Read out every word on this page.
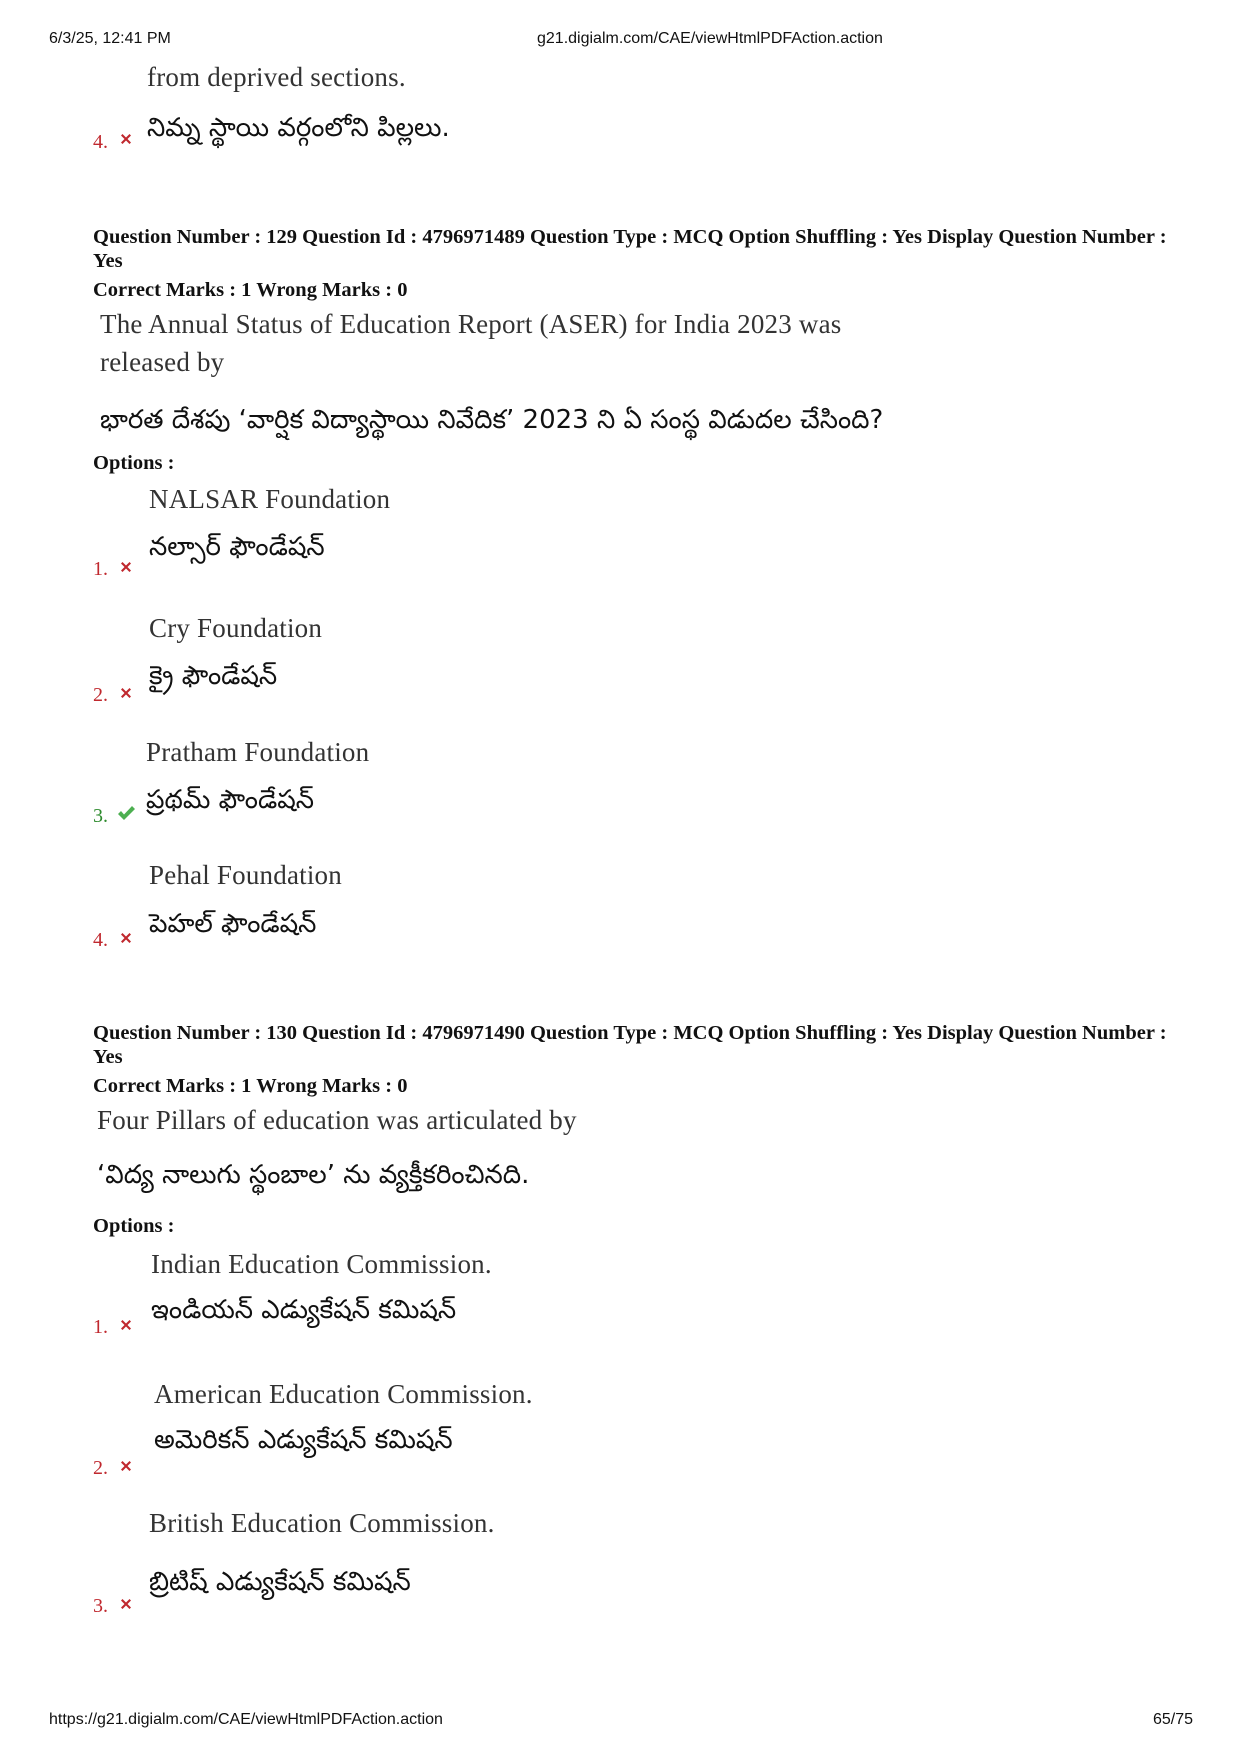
6/3/25, 12:41 PM	g21.digialm.com/CAE/viewHtmlPDFAction.action
https://g21.digialm.com/CAE/viewHtmlPDFAction.action	65/75
from deprived sections.
4. నిమ్న స్థాయి వర్గంలోని పిల్లలు.
Question Number : 129 Question Id : 4796971489 Question Type : MCQ Option Shuffling : Yes Display Question Number : Yes
Correct Marks : 1 Wrong Marks : 0
The Annual Status of Education Report (ASER) for India 2023 was
released by
భారత దేశపు ‘వార్షిక విద్యాస్థాయి నివేదిక’ 2023 ని ఏ సంస్థ విడుదల చేసింది?
Options :
NALSAR Foundation
1.
నల్సార్ ఫౌండేషన్
Cry Foundation
2.
క్రై ఫౌండేషన్
Pratham Foundation
3.
ప్రథమ్ ఫౌండేషన్
Pehal Foundation
4.
పెహల్ ఫౌండేషన్
Question Number : 130 Question Id : 4796971490 Question Type : MCQ Option Shuffling : Yes Display Question Number : Yes
Correct Marks : 1 Wrong Marks : 0
Four Pillars of education was articulated by
‘విద్య నాలుగు స్థంబాల’ ను వ్యక్తీకరించినది.
Options :
Indian Education Commission.
1.
ఇండియన్ ఎడ్యుకేషన్ కమిషన్
American Education Commission.
2.
అమెరికన్ ఎడ్యుకేషన్ కమిషన్
British Education Commission.
3.
బ్రిటిష్ ఎడ్యుకేషన్ కమిషన్
